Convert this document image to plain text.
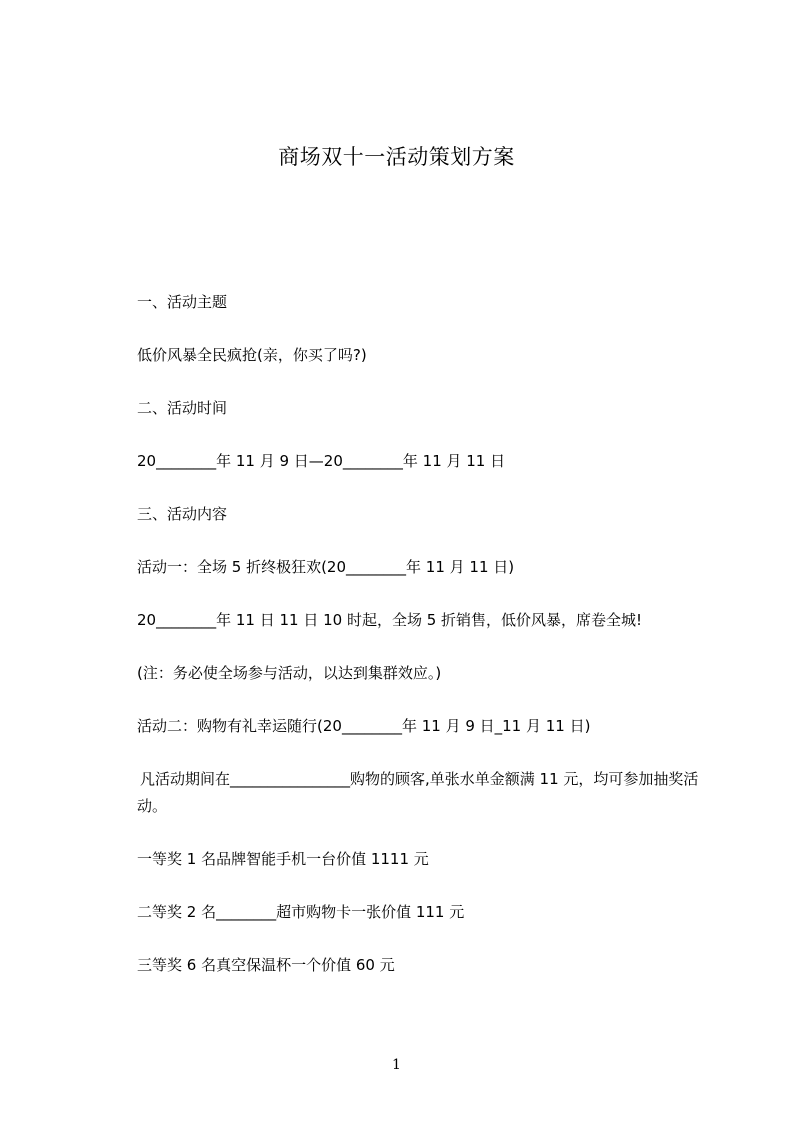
商场双十一活动策划方案
一、活动主题
低价风暴全民疯抢(亲，你买了吗?)
二、活动时间
20________年 11 月 9 日—20________年 11 月 11 日
三、活动内容
活动一：全场 5 折终极狂欢(20________年 11 月 11 日)
20________年 11 日 11 日 10 时起，全场 5 折销售，低价风暴，席卷全城!
(注：务必使全场参与活动，以达到集群效应。)
活动二：购物有礼幸运随行(20________年 11 月 9 日_11 月 11 日)
凡活动期间在________________购物的顾客,单张水单金额满 11 元，均可参加抽奖活动。
一等奖 1 名品牌智能手机一台价值 1111 元
二等奖 2 名________超市购物卡一张价值 111 元
三等奖 6 名真空保温杯一个价值 60 元
1
